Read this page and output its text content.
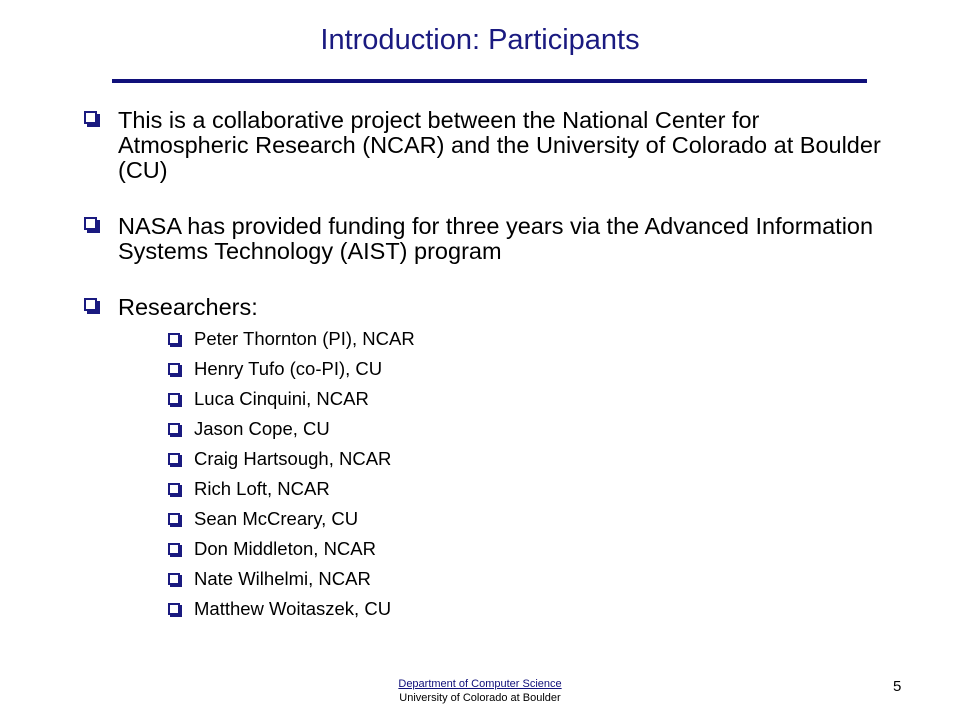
Introduction: Participants
This is a collaborative project between the National Center for Atmospheric Research (NCAR) and the University of Colorado at Boulder (CU)
NASA has provided funding for three years via the Advanced Information Systems Technology (AIST) program
Researchers:
Peter Thornton (PI), NCAR
Henry Tufo (co-PI), CU
Luca Cinquini, NCAR
Jason Cope, CU
Craig Hartsough, NCAR
Rich Loft, NCAR
Sean McCreary, CU
Don Middleton, NCAR
Nate Wilhelmi, NCAR
Matthew Woitaszek, CU
Department of Computer Science
University of Colorado at Boulder
5
